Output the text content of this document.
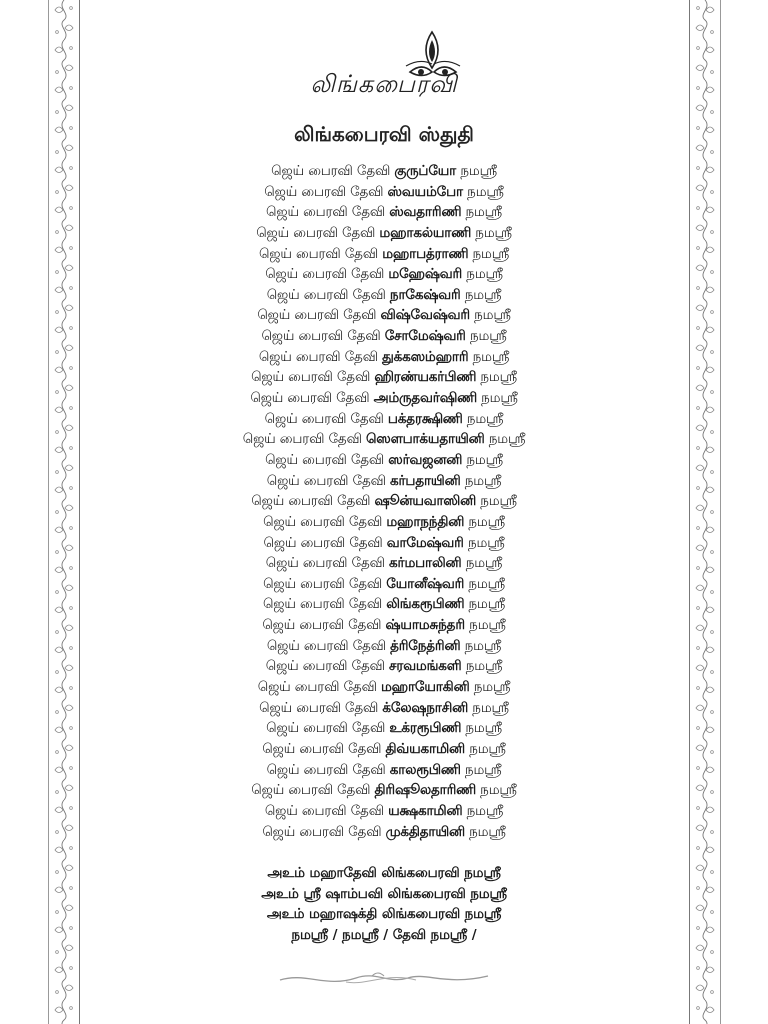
லிங்கபைரவி
லிங்கபைரவி ஸ்துதி
ஜெய் பைரவி தேவி குருப்யோ நமஶ்ரீ
ஜெய் பைரவி தேவி ஸ்வயம்போ நமஶ்ரீ
ஜெய் பைரவி தேவி ஸ்வதாரிணி நமஶ்ரீ
ஜெய் பைரவி தேவி மஹாகல்யாணி நமஶ்ரீ
ஜெய் பைரவி தேவி மஹாபத்ராணி நமஶ்ரீ
ஜெய் பைரவி தேவி மஹேஷ்வரி நமஶ்ரீ
ஜெய் பைரவி தேவி நாகேஷ்வரி நமஶ்ரீ
ஜெய் பைரவி தேவி விஷ்வேஷ்வரி நமஶ்ரீ
ஜெய் பைரவி தேவி சோமேஷ்வரி நமஶ்ரீ
ஜெய் பைரவி தேவி துக்கஸம்ஹாரி நமஶ்ரீ
ஜெய் பைரவி தேவி ஹிரண்யகர்பிணி நமஶ்ரீ
ஜெய் பைரவி தேவி அம்ருதவர்ஷிணி நமஶ்ரீ
ஜெய் பைரவி தேவி பக்தரக்ஷிணி நமஶ்ரீ
ஜெய் பைரவி தேவி ஸௌபாக்யதாயினி நமஶ்ரீ
ஜெய் பைரவி தேவி ஸர்வஜனனி நமஶ்ரீ
ஜெய் பைரவி தேவி கர்பதாயினி நமஶ்ரீ
ஜெய் பைரவி தேவி ஷூன்யவாஸினி நமஶ்ரீ
ஜெய் பைரவி தேவி மஹாநந்தினி நமஶ்ரீ
ஜெய் பைரவி தேவி வாமேஷ்வரி நமஶ்ரீ
ஜெய் பைரவி தேவி கர்மபாலினி நமஶ்ரீ
ஜெய் பைரவி தேவி யோனீஷ்வரி நமஶ்ரீ
ஜெய் பைரவி தேவி லிங்கரூபிணி நமஶ்ரீ
ஜெய் பைரவி தேவி ஷ்யாமசுந்தரி நமஶ்ரீ
ஜெய் பைரவி தேவி த்ரிநேத்ரினி நமஶ்ரீ
ஜெய் பைரவி தேவி சரவமங்களி நமஶ்ரீ
ஜெய் பைரவி தேவி மஹாயோகினி நமஶ்ரீ
ஜெய் பைரவி தேவி க்லேஷநாசினி நமஶ்ரீ
ஜெய் பைரவி தேவி உக்ரரூபிணி நமஶ்ரீ
ஜெய் பைரவி தேவி திவ்யகாமினி நமஶ்ரீ
ஜெய் பைரவி தேவி காலரூபிணி நமஶ்ரீ
ஜெய் பைரவி தேவி திரிஷூலதாரிணி நமஶ்ரீ
ஜெய் பைரவி தேவி யக்ஷகாமினி நமஶ்ரீ
ஜெய் பைரவி தேவி முக்திதாயினி நமஶ்ரீ
அஉம் மஹாதேவி லிங்கபைரவி நமஶ்ரீ
அஉம் ஶ்ரீ ஷாம்பவி லிங்கபைரவி நமஶ்ரீ
அஉம் மஹாஷக்தி லிங்கபைரவி நமஶ்ரீ
நமஶ்ரீ / நமஶ்ரீ / தேவி நமஶ்ரீ /
